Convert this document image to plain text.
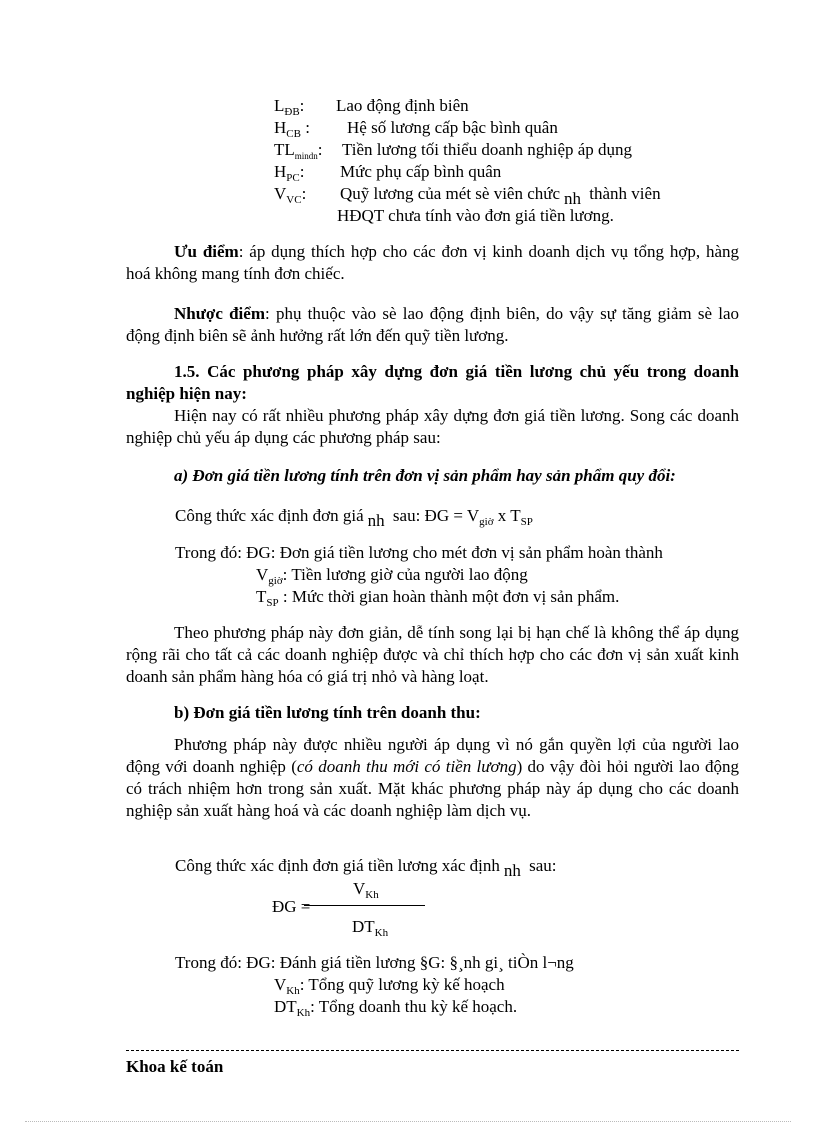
$L_{ĐB}$: Lao động định biên
$H_{CB}$ : Hệ số lương cấp bậc bình quân
$TL_{mindn}$: Tiền lương tối thiểu doanh nghiệp áp dụng
$H_{PC}$: Mức phụ cấp bình quân
$V_{VC}$: Quỹ lương của mét sè viên chức nh thành viên
HĐQT chưa tính vào đơn giá tiền lương.
Ưu điểm: áp dụng thích hợp cho các đơn vị kinh doanh dịch vụ tổng hợp, hàng hoá không mang tính đơn chiếc.
Nhược điểm: phụ thuộc vào sè lao động định biên, do vậy sự tăng giảm sè lao động định biên sẽ ảnh hưởng rất lớn đến quỹ tiền lương.
1.5. Các phương pháp xây dựng đơn giá tiền lương chủ yếu trong doanh nghiệp hiện nay:
Hiện nay có rất nhiều phương pháp xây dựng đơn giá tiền lương. Song các doanh nghiệp chủ yếu áp dụng các phương pháp sau:
a) Đơn giá tiền lương tính trên đơn vị sản phẩm hay sản phẩm quy đổi:
Công thức xác định đơn giá nh sau: ĐG = $V_{giờ}$ x $T_{SP}$
Trong đó: ĐG: Đơn giá tiền lương cho mét đơn vị sản phẩm hoàn thành
$V_{giờ}$: Tiền lương giờ của người lao động
$T_{SP}$ : Mức thời gian hoàn thành một đơn vị sản phẩm.
Theo phương pháp này đơn giản, dễ tính song lại bị hạn chế là không thể áp dụng rộng rãi cho tất cả các doanh nghiệp được và chỉ thích hợp cho các đơn vị sản xuất kinh doanh sản phẩm hàng hóa có giá trị nhỏ và hàng loạt.
b) Đơn giá tiền lương tính trên doanh thu:
Phương pháp này được nhiều người áp dụng vì nó gắn quyền lợi của người lao động với doanh nghiệp (có doanh thu mới có tiền lương) do vậy đòi hỏi người lao động có trách nhiệm hơn trong sản xuất. Mặt khác phương pháp này áp dụng cho các doanh nghiệp sản xuất hàng hoá và các doanh nghiệp làm dịch vụ.
Công thức xác định đơn giá tiền lương xác định nh sau:
$V_{Kh}$
ĐG =
$DT_{Kh}$
Trong đó: ĐG: Đánh giá tiền lương §G: §¸nh gi¸ tiÒn l¬ng
$V_{Kh}$: Tổng quỹ lương kỳ kế hoạch
$DT_{Kh}$: Tổng doanh thu kỳ kế hoạch.
Khoa kế toán
